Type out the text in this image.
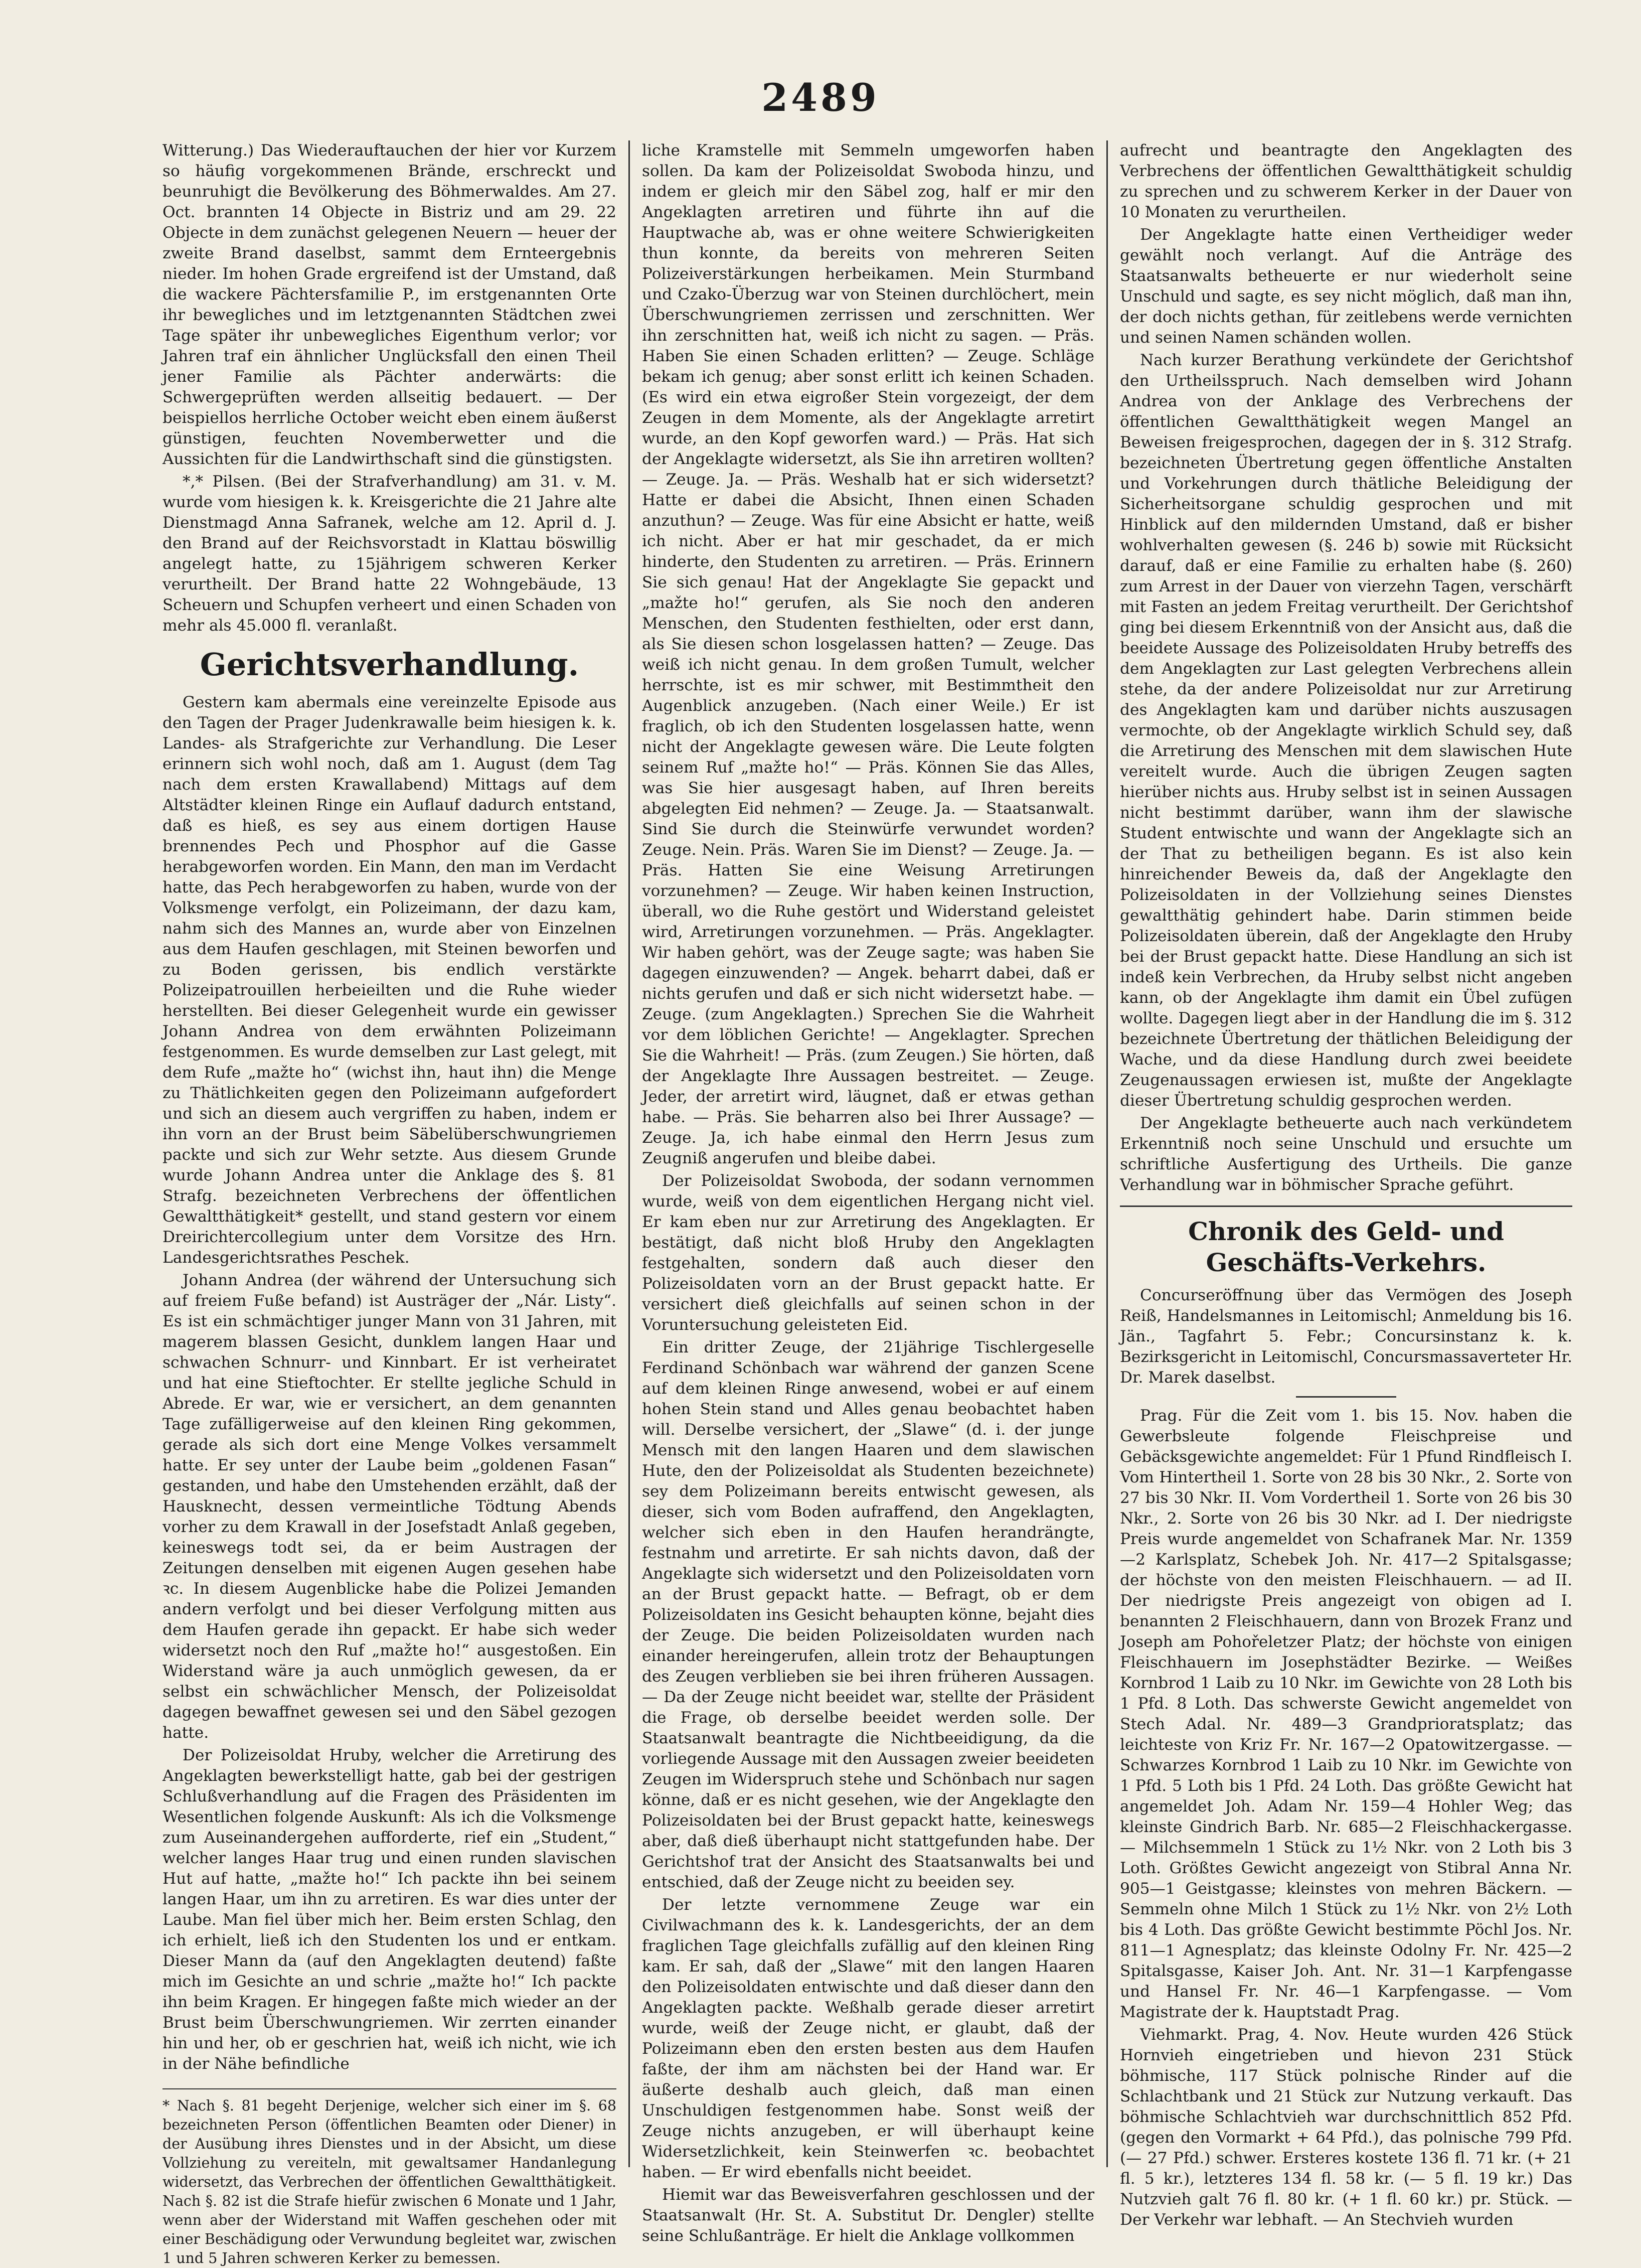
2489

Witterung.) Das Wiederauftauchen der hier vor Kurzem so häufig vorgekommenen Brände, erschreckt und beunruhigt die Bevölkerung des Böhmerwaldes. Am 27. Oct. brannten 14 Objecte in Bistriz und am 29. 22 Objecte in dem zunächst gelegenen Neuern — heuer der zweite Brand daselbst, sammt dem Ernteergebnis nieder. Im hohen Grade ergreifend ist der Umstand, daß die wackere Pächtersfamilie P., im erstgenannten Orte ihr bewegliches und im letztgenannten Städtchen zwei Tage später ihr unbewegliches Eigenthum verlor; vor Jahren traf ein ähnlicher Unglücksfall den einen Theil jener Familie als Pächter anderwärts: die Schwergeprüften werden allseitig bedauert. — Der beispiellos herrliche October weicht eben einem äußerst günstigen, feuchten Novemberwetter und die Aussichten für die Landwirthschaft sind die günstigsten.

*,* Pilsen. (Bei der Strafverhandlung) am 31. v. M. wurde vom hiesigen k. k. Kreisgerichte die 21 Jahre alte Dienstmagd Anna Safranek, welche am 12. April d. J. den Brand auf der Reichsvorstadt in Klattau böswillig angelegt hatte, zu 15jährigem schweren Kerker verurtheilt. Der Brand hatte 22 Wohngebäude, 13 Scheuern und Schupfen verheert und einen Schaden von mehr als 45.000 fl. veranlaßt.

Gerichtsverhandlung.

Gestern kam abermals eine vereinzelte Episode aus den Tagen der Prager Judenkrawalle beim hiesigen k. k. Landes- als Strafgerichte zur Verhandlung. Die Leser erinnern sich wohl noch, daß am 1. August (dem Tag nach dem ersten Krawallabend) Mittags auf dem Altstädter kleinen Ringe ein Auflauf dadurch entstand, daß es hieß, es sey aus einem dortigen Hause brennendes Pech und Phosphor auf die Gasse herabgeworfen worden. Ein Mann, den man im Verdacht hatte, das Pech herabgeworfen zu haben, wurde von der Volksmenge verfolgt, ein Polizeimann, der dazu kam, nahm sich des Mannes an, wurde aber von Einzelnen aus dem Haufen geschlagen, mit Steinen beworfen und zu Boden gerissen, bis endlich verstärkte Polizeipatrouillen herbeieilten und die Ruhe wieder herstellten. Bei dieser Gelegenheit wurde ein gewisser Johann Andrea von dem erwähnten Polizeimann festgenommen. Es wurde demselben zur Last gelegt, mit dem Rufe „mažte ho“ (wichst ihn, haut ihn) die Menge zu Thätlichkeiten gegen den Polizeimann aufgefordert und sich an diesem auch vergriffen zu haben, indem er ihn vorn an der Brust beim Säbelüberschwungriemen packte und sich zur Wehr setzte. Aus diesem Grunde wurde Johann Andrea unter die Anklage des §. 81 Strafg. bezeichneten Verbrechens der öffentlichen Gewaltthätigkeit* gestellt, und stand gestern vor einem Dreirichtercollegium unter dem Vorsitze des Hrn. Landesgerichtsrathes Peschek.

Johann Andrea (der während der Untersuchung sich auf freiem Fuße befand) ist Austräger der „Nár. Listy“. Es ist ein schmächtiger junger Mann von 31 Jahren, mit magerem blassen Gesicht, dunklem langen Haar und schwachen Schnurr- und Kinnbart. Er ist verheiratet und hat eine Stieftochter. Er stellte jegliche Schuld in Abrede. Er war, wie er versichert, an dem genannten Tage zufälligerweise auf den kleinen Ring gekommen, gerade als sich dort eine Menge Volkes versammelt hatte. Er sey unter der Laube beim „goldenen Fasan“ gestanden, und habe den Umstehenden erzählt, daß der Hausknecht, dessen vermeintliche Tödtung Abends vorher zu dem Krawall in der Josefstadt Anlaß gegeben, keineswegs todt sei, da er beim Austragen der Zeitungen denselben mit eigenen Augen gesehen habe ꝛc. In diesem Augenblicke habe die Polizei Jemanden andern verfolgt und bei dieser Verfolgung mitten aus dem Haufen gerade ihn gepackt. Er habe sich weder widersetzt noch den Ruf „mažte ho!“ ausgestoßen. Ein Widerstand wäre ja auch unmöglich gewesen, da er selbst ein schwächlicher Mensch, der Polizeisoldat dagegen bewaffnet gewesen sei und den Säbel gezogen hatte.

Der Polizeisoldat Hruby, welcher die Arretirung des Angeklagten bewerkstelligt hatte, gab bei der gestrigen Schlußverhandlung auf die Fragen des Präsidenten im Wesentlichen folgende Auskunft: Als ich die Volksmenge zum Auseinandergehen aufforderte, rief ein „Student,“ welcher langes Haar trug und einen runden slavischen Hut auf hatte, „mažte ho!“ Ich packte ihn bei seinem langen Haar, um ihn zu arretiren. Es war dies unter der Laube. Man fiel über mich her. Beim ersten Schlag, den ich erhielt, ließ ich den Studenten los und er entkam. Dieser Mann da (auf den Angeklagten deutend) faßte mich im Gesichte an und schrie „mažte ho!“ Ich packte ihn beim Kragen. Er hingegen faßte mich wieder an der Brust beim Überschwungriemen. Wir zerrten einander hin und her, ob er geschrien hat, weiß ich nicht, wie ich in der Nähe befindliche

* Nach §. 81 begeht Derjenige, welcher sich einer im §. 68 bezeichneten Person (öffentlichen Beamten oder Diener) in der Ausübung ihres Dienstes und in der Absicht, um diese Vollziehung zu vereiteln, mit gewaltsamer Handanlegung widersetzt, das Verbrechen der öffentlichen Gewaltthätigkeit. Nach §. 82 ist die Strafe hiefür zwischen 6 Monate und 1 Jahr, wenn aber der Widerstand mit Waffen geschehen oder mit einer Beschädigung oder Verwundung begleitet war, zwischen 1 und 5 Jahren schweren Kerker zu bemessen.

liche Kramstelle mit Semmeln umgeworfen haben sollen. Da kam der Polizeisoldat Swoboda hinzu, und indem er gleich mir den Säbel zog, half er mir den Angeklagten arretiren und führte ihn auf die Hauptwache ab, was er ohne weitere Schwierigkeiten thun konnte, da bereits von mehreren Seiten Polizeiverstärkungen herbeikamen. Mein Sturmband und Czako-Überzug war von Steinen durchlöchert, mein Überschwungriemen zerrissen und zerschnitten. Wer ihn zerschnitten hat, weiß ich nicht zu sagen. — Präs. Haben Sie einen Schaden erlitten? — Zeuge. Schläge bekam ich genug; aber sonst erlitt ich keinen Schaden. (Es wird ein etwa eigroßer Stein vorgezeigt, der dem Zeugen in dem Momente, als der Angeklagte arretirt wurde, an den Kopf geworfen ward.) — Präs. Hat sich der Angeklagte widersetzt, als Sie ihn arretiren wollten? — Zeuge. Ja. — Präs. Weshalb hat er sich widersetzt? Hatte er dabei die Absicht, Ihnen einen Schaden anzuthun? — Zeuge. Was für eine Absicht er hatte, weiß ich nicht. Aber er hat mir geschadet, da er mich hinderte, den Studenten zu arretiren. — Präs. Erinnern Sie sich genau! Hat der Angeklagte Sie gepackt und „mažte ho!“ gerufen, als Sie noch den anderen Menschen, den Studenten festhielten, oder erst dann, als Sie diesen schon losgelassen hatten? — Zeuge. Das weiß ich nicht genau. In dem großen Tumult, welcher herrschte, ist es mir schwer, mit Bestimmtheit den Augenblick anzugeben. (Nach einer Weile.) Er ist fraglich, ob ich den Studenten losgelassen hatte, wenn nicht der Angeklagte gewesen wäre. Die Leute folgten seinem Ruf „mažte ho!“ — Präs. Können Sie das Alles, was Sie hier ausgesagt haben, auf Ihren bereits abgelegten Eid nehmen? — Zeuge. Ja. — Staatsanwalt. Sind Sie durch die Steinwürfe verwundet worden? Zeuge. Nein. Präs. Waren Sie im Dienst? — Zeuge. Ja. — Präs. Hatten Sie eine Weisung Arretirungen vorzunehmen? — Zeuge. Wir haben keinen Instruction, überall, wo die Ruhe gestört und Widerstand geleistet wird, Arretirungen vorzunehmen. — Präs. Angeklagter. Wir haben gehört, was der Zeuge sagte; was haben Sie dagegen einzuwenden? — Angek. beharrt dabei, daß er nichts gerufen und daß er sich nicht widersetzt habe. — Zeuge. (zum Angeklagten.) Sprechen Sie die Wahrheit vor dem löblichen Gerichte! — Angeklagter. Sprechen Sie die Wahrheit! — Präs. (zum Zeugen.) Sie hörten, daß der Angeklagte Ihre Aussagen bestreitet. — Zeuge. Jeder, der arretirt wird, läugnet, daß er etwas gethan habe. — Präs. Sie beharren also bei Ihrer Aussage? — Zeuge. Ja, ich habe einmal den Herrn Jesus zum Zeugniß angerufen und bleibe dabei.

Der Polizeisoldat Swoboda, der sodann vernommen wurde, weiß von dem eigentlichen Hergang nicht viel. Er kam eben nur zur Arretirung des Angeklagten. Er bestätigt, daß nicht bloß Hruby den Angeklagten festgehalten, sondern daß auch dieser den Polizeisoldaten vorn an der Brust gepackt hatte. Er versichert dieß gleichfalls auf seinen schon in der Voruntersuchung geleisteten Eid.

Ein dritter Zeuge, der 21jährige Tischlergeselle Ferdinand Schönbach war während der ganzen Scene auf dem kleinen Ringe anwesend, wobei er auf einem hohen Stein stand und Alles genau beobachtet haben will. Derselbe versichert, der „Slawe“ (d. i. der junge Mensch mit den langen Haaren und dem slawischen Hute, den der Polizeisoldat als Studenten bezeichnete) sey dem Polizeimann bereits entwischt gewesen, als dieser, sich vom Boden aufraffend, den Angeklagten, welcher sich eben in den Haufen herandrängte, festnahm und arretirte. Er sah nichts davon, daß der Angeklagte sich widersetzt und den Polizeisoldaten vorn an der Brust gepackt hatte. — Befragt, ob er dem Polizeisoldaten ins Gesicht behaupten könne, bejaht dies der Zeuge. Die beiden Polizeisoldaten wurden nach einander hereingerufen, allein trotz der Behauptungen des Zeugen verblieben sie bei ihren früheren Aussagen. — Da der Zeuge nicht beeidet war, stellte der Präsident die Frage, ob derselbe beeidet werden solle. Der Staatsanwalt beantragte die Nichtbeeidigung, da die vorliegende Aussage mit den Aussagen zweier beeideten Zeugen im Widerspruch stehe und Schönbach nur sagen könne, daß er es nicht gesehen, wie der Angeklagte den Polizeisoldaten bei der Brust gepackt hatte, keineswegs aber, daß dieß überhaupt nicht stattgefunden habe. Der Gerichtshof trat der Ansicht des Staatsanwalts bei und entschied, daß der Zeuge nicht zu beeiden sey.

Der letzte vernommene Zeuge war ein Civilwachmann des k. k. Landesgerichts, der an dem fraglichen Tage gleichfalls zufällig auf den kleinen Ring kam. Er sah, daß der „Slawe“ mit den langen Haaren den Polizeisoldaten entwischte und daß dieser dann den Angeklagten packte. Weßhalb gerade dieser arretirt wurde, weiß der Zeuge nicht, er glaubt, daß der Polizeimann eben den ersten besten aus dem Haufen faßte, der ihm am nächsten bei der Hand war. Er äußerte deshalb auch gleich, daß man einen Unschuldigen festgenommen habe. Sonst weiß der Zeuge nichts anzugeben, er will überhaupt keine Widersetzlichkeit, kein Steinwerfen ꝛc. beobachtet haben. — Er wird ebenfalls nicht beeidet.

Hiemit war das Beweisverfahren geschlossen und der Staatsanwalt (Hr. St. A. Substitut Dr. Dengler) stellte seine Schlußanträge. Er hielt die Anklage vollkommen

aufrecht und beantragte den Angeklagten des Verbrechens der öffentlichen Gewaltthätigkeit schuldig zu sprechen und zu schwerem Kerker in der Dauer von 10 Monaten zu verurtheilen.

Der Angeklagte hatte einen Vertheidiger weder gewählt noch verlangt. Auf die Anträge des Staatsanwalts betheuerte er nur wiederholt seine Unschuld und sagte, es sey nicht möglich, daß man ihn, der doch nichts gethan, für zeitlebens werde vernichten und seinen Namen schänden wollen.

Nach kurzer Berathung verkündete der Gerichtshof den Urtheilsspruch. Nach demselben wird Johann Andrea von der Anklage des Verbrechens der öffentlichen Gewaltthätigkeit wegen Mangel an Beweisen freigesprochen, dagegen der in §. 312 Strafg. bezeichneten Übertretung gegen öffentliche Anstalten und Vorkehrungen durch thätliche Beleidigung der Sicherheitsorgane schuldig gesprochen und mit Hinblick auf den mildernden Umstand, daß er bisher wohlverhalten gewesen (§. 246 b) sowie mit Rücksicht darauf, daß er eine Familie zu erhalten habe (§. 260) zum Arrest in der Dauer von vierzehn Tagen, verschärft mit Fasten an jedem Freitag verurtheilt. Der Gerichtshof ging bei diesem Erkenntniß von der Ansicht aus, daß die beeidete Aussage des Polizeisoldaten Hruby betreffs des dem Angeklagten zur Last gelegten Verbrechens allein stehe, da der andere Polizeisoldat nur zur Arretirung des Angeklagten kam und darüber nichts auszusagen vermochte, ob der Angeklagte wirklich Schuld sey, daß die Arretirung des Menschen mit dem slawischen Hute vereitelt wurde. Auch die übrigen Zeugen sagten hierüber nichts aus. Hruby selbst ist in seinen Aussagen nicht bestimmt darüber, wann ihm der slawische Student entwischte und wann der Angeklagte sich an der That zu betheiligen begann. Es ist also kein hinreichender Beweis da, daß der Angeklagte den Polizeisoldaten in der Vollziehung seines Dienstes gewaltthätig gehindert habe. Darin stimmen beide Polizeisoldaten überein, daß der Angeklagte den Hruby bei der Brust gepackt hatte. Diese Handlung an sich ist indeß kein Verbrechen, da Hruby selbst nicht angeben kann, ob der Angeklagte ihm damit ein Übel zufügen wollte. Dagegen liegt aber in der Handlung die im §. 312 bezeichnete Übertretung der thätlichen Beleidigung der Wache, und da diese Handlung durch zwei beeidete Zeugenaussagen erwiesen ist, mußte der Angeklagte dieser Übertretung schuldig gesprochen werden.

Der Angeklagte betheuerte auch nach verkündetem Erkenntniß noch seine Unschuld und ersuchte um schriftliche Ausfertigung des Urtheils. Die ganze Verhandlung war in böhmischer Sprache geführt.

Chronik des Geld- und Geschäfts-Verkehrs.

Concurseröffnung über das Vermögen des Joseph Reiß, Handelsmannes in Leitomischl; Anmeldung bis 16. Jän., Tagfahrt 5. Febr.; Concursinstanz k. k. Bezirksgericht in Leitomischl, Concursmassaverteter Hr. Dr. Marek daselbst.

Prag. Für die Zeit vom 1. bis 15. Nov. haben die Gewerbsleute folgende Fleischpreise und Gebäcksgewichte angemeldet: Für 1 Pfund Rindfleisch I. Vom Hintertheil 1. Sorte von 28 bis 30 Nkr., 2. Sorte von 27 bis 30 Nkr. II. Vom Vordertheil 1. Sorte von 26 bis 30 Nkr., 2. Sorte von 26 bis 30 Nkr. ad I. Der niedrigste Preis wurde angemeldet von Schafranek Mar. Nr. 1359—2 Karlsplatz, Schebek Joh. Nr. 417—2 Spitalsgasse; der höchste von den meisten Fleischhauern. — ad II. Der niedrigste Preis angezeigt von obigen ad I. benannten 2 Fleischhauern, dann von Brozek Franz und Joseph am Pohořeletzer Platz; der höchste von einigen Fleischhauern im Josephstädter Bezirke. — Weißes Kornbrod 1 Laib zu 10 Nkr. im Gewichte von 28 Loth bis 1 Pfd. 8 Loth. Das schwerste Gewicht angemeldet von Stech Adal. Nr. 489—3 Grandprioratsplatz; das leichteste von Kriz Fr. Nr. 167—2 Opatowitzergasse. — Schwarzes Kornbrod 1 Laib zu 10 Nkr. im Gewichte von 1 Pfd. 5 Loth bis 1 Pfd. 24 Loth. Das größte Gewicht hat angemeldet Joh. Adam Nr. 159—4 Hohler Weg; das kleinste Gindrich Barb. Nr. 685—2 Fleischhackergasse. — Milchsemmeln 1 Stück zu 1½ Nkr. von 2 Loth bis 3 Loth. Größtes Gewicht angezeigt von Stibral Anna Nr. 905—1 Geistgasse; kleinstes von mehren Bäckern. — Semmeln ohne Milch 1 Stück zu 1½ Nkr. von 2½ Loth bis 4 Loth. Das größte Gewicht bestimmte Pöchl Jos. Nr. 811—1 Agnesplatz; das kleinste Odolny Fr. Nr. 425—2 Spitalsgasse, Kaiser Joh. Ant. Nr. 31—1 Karpfengasse und Hansel Fr. Nr. 46—1 Karpfengasse. — Vom Magistrate der k. Hauptstadt Prag.

Viehmarkt. Prag, 4. Nov. Heute wurden 426 Stück Hornvieh eingetrieben und hievon 231 Stück böhmische, 117 Stück polnische Rinder auf die Schlachtbank und 21 Stück zur Nutzung verkauft. Das böhmische Schlachtvieh war durchschnittlich 852 Pfd. (gegen den Vormarkt + 64 Pfd.), das polnische 799 Pfd. (— 27 Pfd.) schwer. Ersteres kostete 136 fl. 71 kr. (+ 21 fl. 5 kr.), letzteres 134 fl. 58 kr. (— 5 fl. 19 kr.) Das Nutzvieh galt 76 fl. 80 kr. (+ 1 fl. 60 kr.) pr. Stück. — Der Verkehr war lebhaft. — An Stechvieh wurden
